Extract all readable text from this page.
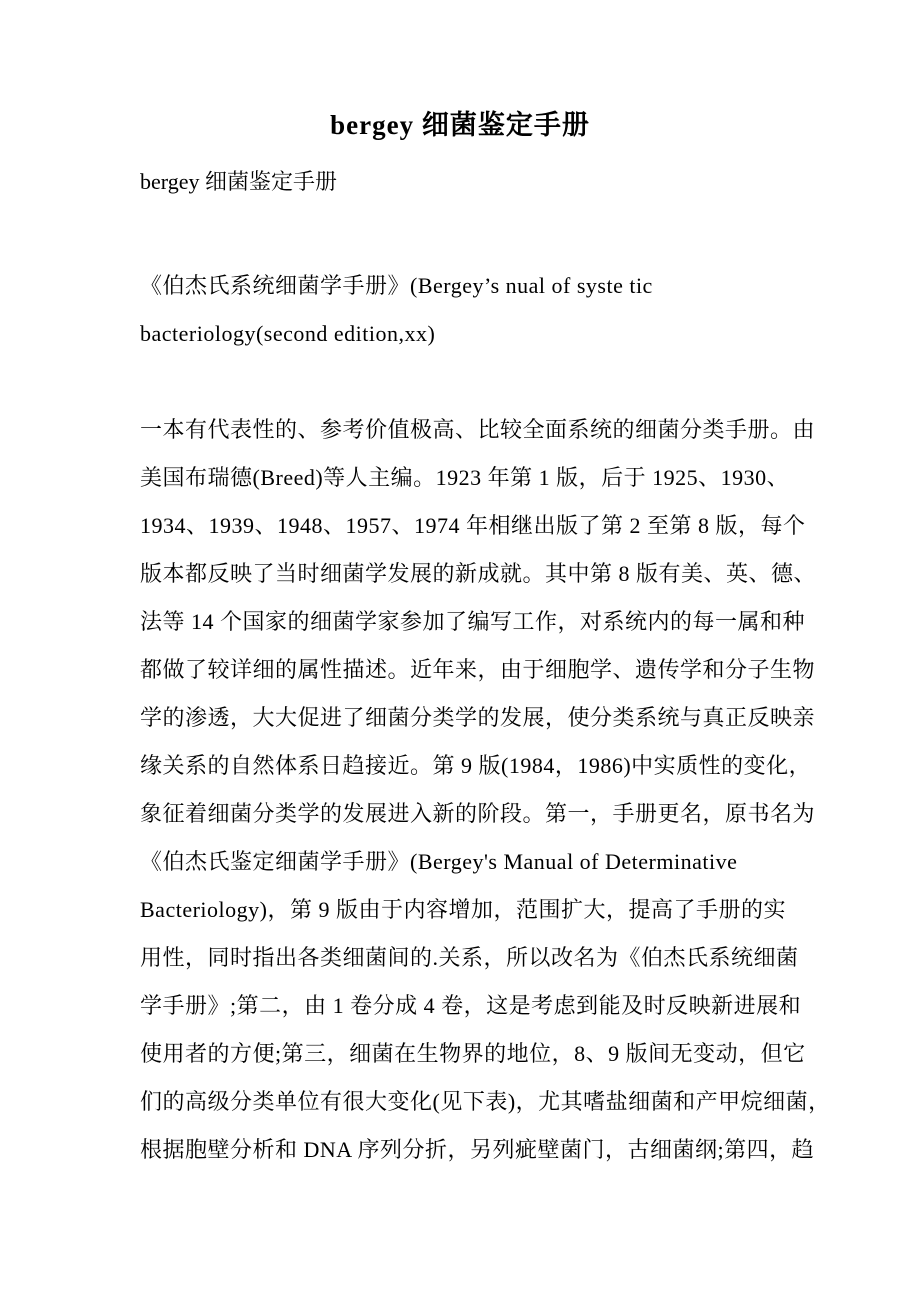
bergey 细菌鉴定手册
bergey 细菌鉴定手册
《伯杰氏系统细菌学手册》(Bergey’s nual of syste tic
bacteriology(second edition,xx)
一本有代表性的、参考价值极高、比较全面系统的细菌分类手册。由
美国布瑞德(Breed)等人主编。1923 年第 1 版，后于 1925、1930、
1934、1939、1948、1957、1974 年相继出版了第 2 至第 8 版，每个
版本都反映了当时细菌学发展的新成就。其中第 8 版有美、英、德、
法等 14 个国家的细菌学家参加了编写工作，对系统内的每一属和种
都做了较详细的属性描述。近年来，由于细胞学、遗传学和分子生物
学的渗透，大大促进了细菌分类学的发展，使分类系统与真正反映亲
缘关系的自然体系日趋接近。第 9 版(1984，1986)中实质性的变化，
象征着细菌分类学的发展进入新的阶段。第一，手册更名，原书名为
《伯杰氏鉴定细菌学手册》(Bergey's Manual of Determinative
Bacteriology)，第 9 版由于内容增加，范围扩大，提高了手册的实
用性，同时指出各类细菌间的.关系，所以改名为《伯杰氏系统细菌
学手册》;第二，由 1 卷分成 4 卷，这是考虑到能及时反映新进展和
使用者的方便;第三，细菌在生物界的地位，8、9 版间无变动，但它
们的高级分类单位有很大变化(见下表)，尤其嗜盐细菌和产甲烷细菌，
根据胞壁分析和 DNA 序列分折，另列疵壁菌门，古细菌纲;第四，趋
